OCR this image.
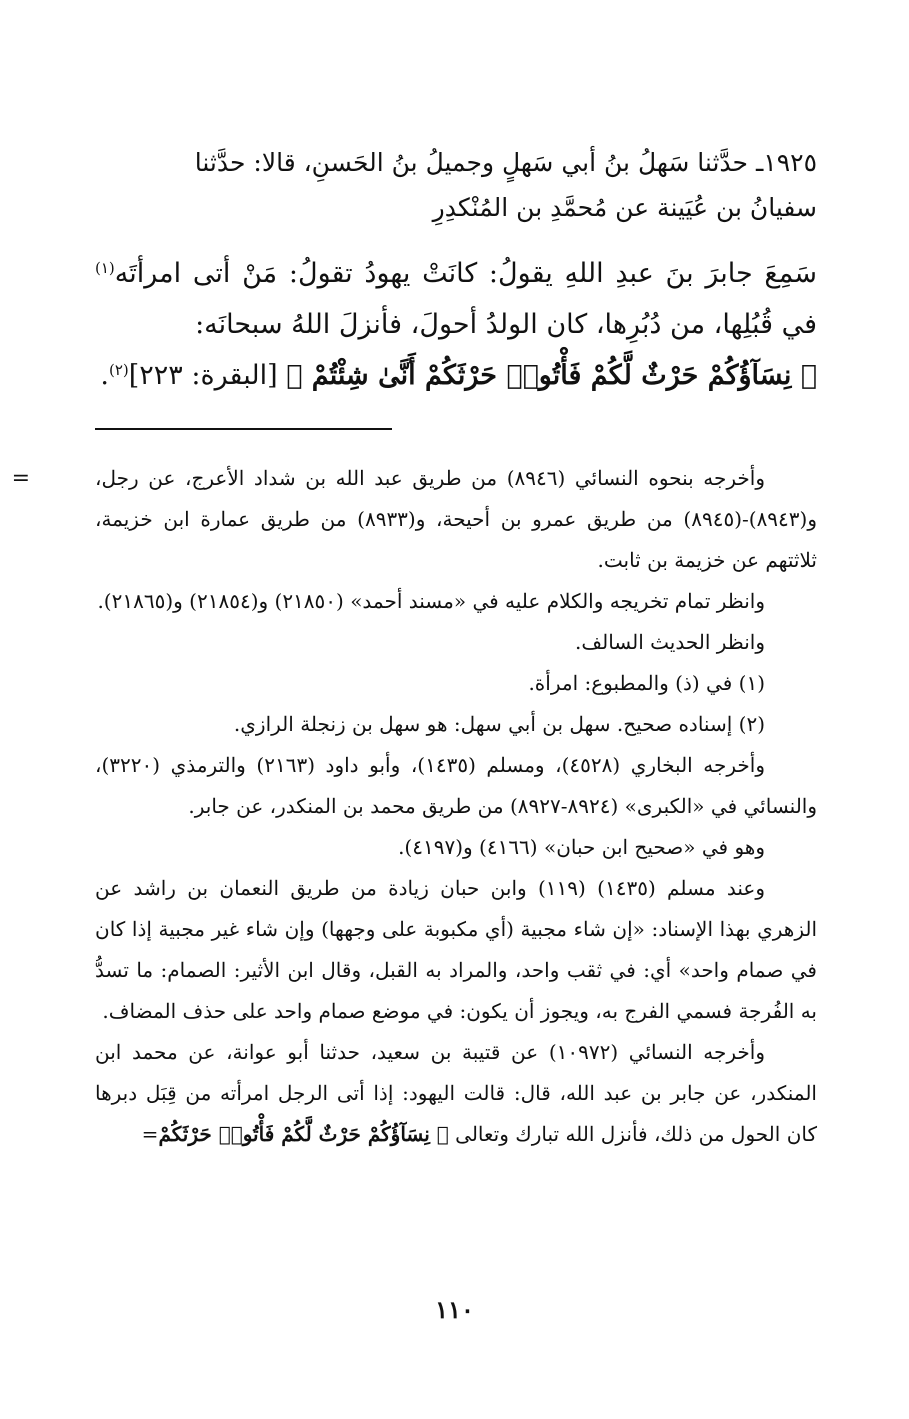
١٩٢٥ـ حدَّثنا سَهلُ بنُ أبي سَهلٍ وجميلُ بنُ الحَسنِ، قالا: حدَّثنا
سفيانُ بن عُيَينة عن مُحمَّدِ بن المُنْكدِرِ

سَمِعَ جابرَ بنَ عبدِ اللهِ يقولُ: كانَتْ يهودُ تقولُ: مَنْ أتى امرأتَه$^{(١)}$ في قُبُلِها، من دُبُرِها، كان الولدُ أحولَ، فأنزلَ اللهُ سبحانَه:
﴿ نِسَآؤُكُمْ حَرْثٌ لَّكُمْ فَأْتُوا۟ حَرْثَكُمْ أَنَّىٰ شِئْتُمْ ﴾ [البقرة: ٢٢٣]$^{(٢)}$.

=	وأخرجه بنحوه النسائي (٨٩٤٦) من طريق عبد الله بن شداد الأعرج، عن رجل، و(٨٩٤٣)-(٨٩٤٥) من طريق عمرو بن أحيحة، و(٨٩٣٣) من طريق عمارة ابن خزيمة، ثلاثتهم عن خزيمة بن ثابت.

وانظر تمام تخريجه والكلام عليه في «مسند أحمد» (٢١٨٥٠) و(٢١٨٥٤) و(٢١٨٦٥).

وانظر الحديث السالف.

(١) في (ذ) والمطبوع: امرأة.

(٢) إسناده صحيح. سهل بن أبي سهل: هو سهل بن زنجلة الرازي.

وأخرجه البخاري (٤٥٢٨)، ومسلم (١٤٣٥)، وأبو داود (٢١٦٣) والترمذي (٣٢٢٠)، والنسائي في «الكبرى» (٨٩٢٤-٨٩٢٧) من طريق محمد بن المنكدر، عن جابر.

وهو في «صحيح ابن حبان» (٤١٦٦) و(٤١٩٧).

وعند مسلم (١٤٣٥) (١١٩) وابن حبان زيادة من طريق النعمان بن راشد عن الزهري بهذا الإسناد: «إن شاء مجبية (أي مكبوبة على وجهها) وإن شاء غير مجبية إذا كان في صمام واحد» أي: في ثقب واحد، والمراد به القبل، وقال ابن الأثير: الصمام: ما تسدُّ به الفُرجة فسمي الفرج به، ويجوز أن يكون: في موضع صمام واحد على حذف المضاف.

وأخرجه النسائي (١٠٩٧٢) عن قتيبة بن سعيد، حدثنا أبو عوانة، عن محمد ابن المنكدر، عن جابر بن عبد الله، قال: قالت اليهود: إذا أتى الرجل امرأته من قِبَل دبرها كان الحول من ذلك، فأنزل الله تبارك وتعالى ﴿ نِسَآؤُكُمْ حَرْثٌ لَّكُمْ فَأْتُوا۟ حَرْثَكُمْ=

١١٠
